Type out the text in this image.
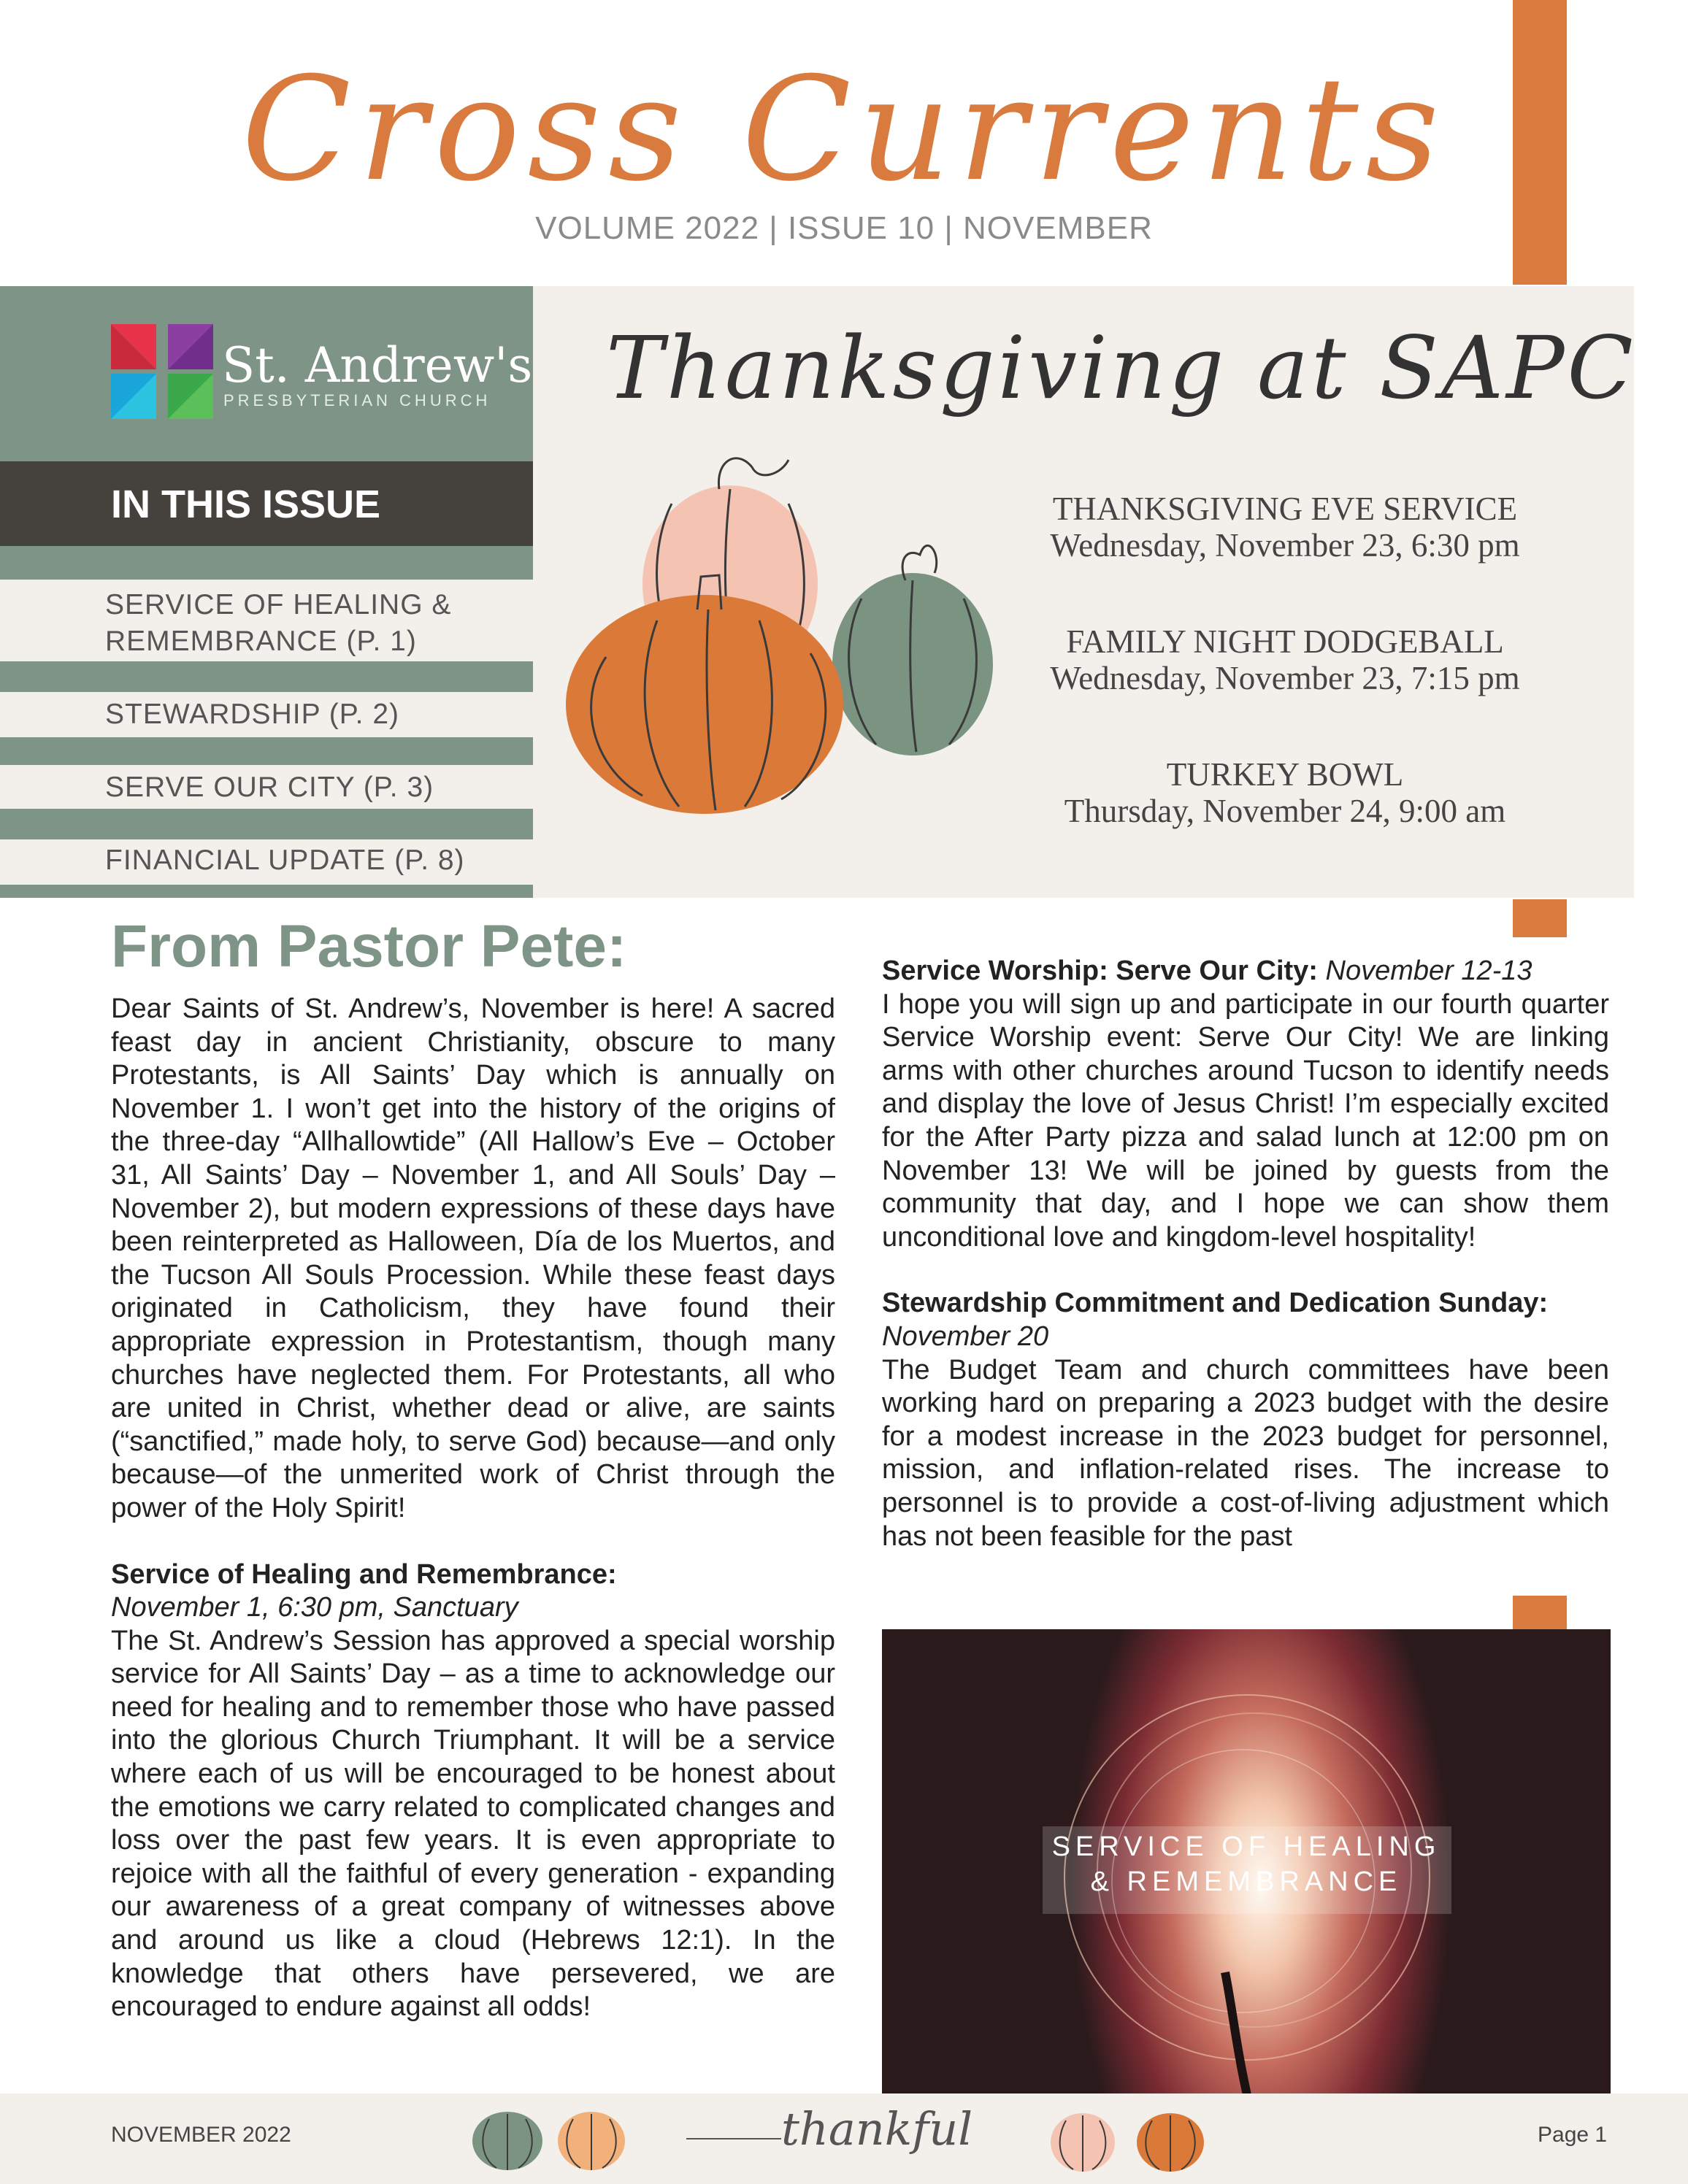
Cross Currents
VOLUME 2022 | ISSUE 10 | NOVEMBER
St. Andrew's
PRESBYTERIAN CHURCH
IN THIS ISSUE
SERVICE OF HEALING &
REMEMBRANCE (P. 1)
STEWARDSHIP (P. 2)
SERVE OUR CITY (P. 3)
FINANCIAL UPDATE (P. 8)
Thanksgiving at SAPC
THANKSGIVING EVE SERVICE
Wednesday, November 23, 6:30 pm
FAMILY NIGHT DODGEBALL
Wednesday, November 23, 7:15 pm
TURKEY BOWL
Thursday, November 24, 9:00 am
From Pastor Pete:
Dear Saints of St. Andrew’s, November is here! A sacred feast day in ancient Christianity, obscure to many Protestants, is All Saints’ Day which is annually on November 1. I won’t get into the history of the origins of the three-day “Allhallowtide” (All Hallow’s Eve – October 31, All Saints’ Day – November 1, and All Souls’ Day – November 2), but modern expressions of these days have been reinterpreted as Halloween, Día de los Muertos, and the Tucson All Souls Procession. While these feast days originated in Catholicism, they have found their appropriate expression in Protestantism, though many churches have neglected them. For Protestants, all who are united in Christ, whether dead or alive, are saints (“sanctified,” made holy, to serve God) because—and only because—of the unmerited work of Christ through the power of the Holy Spirit!
Service of Healing and Remembrance:
November 1, 6:30 pm, Sanctuary
The St. Andrew’s Session has approved a special worship service for All Saints’ Day – as a time to acknowledge our need for healing and to remember those who have passed into the glorious Church Triumphant. It will be a service where each of us will be encouraged to be honest about the emotions we carry related to complicated changes and loss over the past few years. It is even appropriate to rejoice with all the faithful of every generation - expanding our awareness of a great company of witnesses above and around us like a cloud (Hebrews 12:1). In the knowledge that others have persevered, we are encouraged to endure against all odds!
Service Worship: Serve Our City: November 12-13
I hope you will sign up and participate in our fourth quarter Service Worship event: Serve Our City! We are linking arms with other churches around Tucson to identify needs and display the love of Jesus Christ! I’m especially excited for the After Party pizza and salad lunch at 12:00 pm on November 13! We will be joined by guests from the community that day, and I hope we can show them unconditional love and kingdom-level hospitality!
Stewardship Commitment and Dedication Sunday:
November 20
The Budget Team and church committees have been working hard on preparing a 2023 budget with the desire for a modest increase in the 2023 budget for personnel, mission, and inflation-related rises. The increase to personnel is to provide a cost-of-living adjustment which has not been feasible for the past
SERVICE OF HEALING
& REMEMBRANCE
NOVEMBER 2022	Page 1
thankful
